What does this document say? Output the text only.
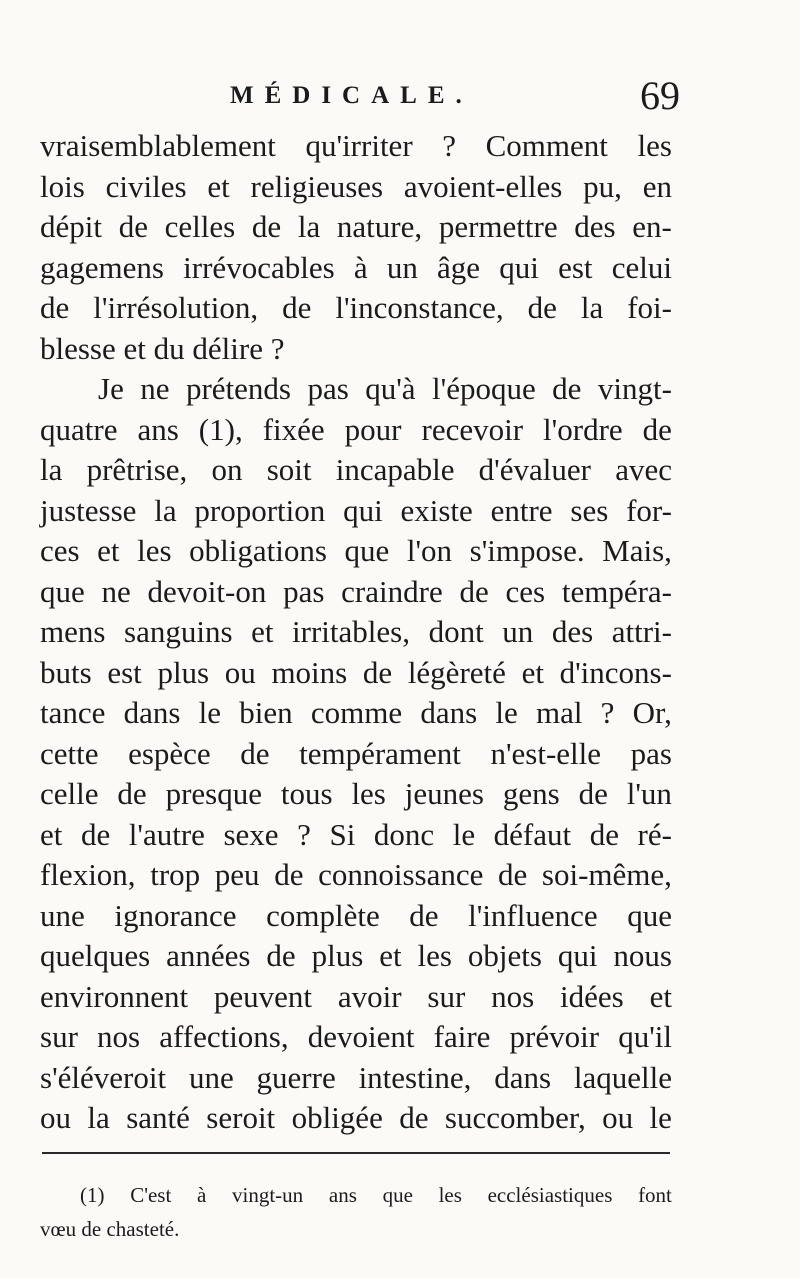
MÉDICALE.	69
vraisemblablement qu'irriter ? Comment les
lois civiles et religieuses avoient-elles pu, en
dépit de celles de la nature, permettre des en-
gagemens irrévocables à un âge qui est celui
de l'irrésolution, de l'inconstance, de la foi-
blesse et du délire ?
Je ne prétends pas qu'à l'époque de vingt-
quatre ans (1), fixée pour recevoir l'ordre de
la prêtrise, on soit incapable d'évaluer avec
justesse la proportion qui existe entre ses for-
ces et les obligations que l'on s'impose. Mais,
que ne devoit-on pas craindre de ces tempéra-
mens sanguins et irritables, dont un des attri-
buts est plus ou moins de légèreté et d'incons-
tance dans le bien comme dans le mal ? Or,
cette espèce de tempérament n'est-elle pas
celle de presque tous les jeunes gens de l'un
et de l'autre sexe ? Si donc le défaut de ré-
flexion, trop peu de connoissance de soi-même,
une ignorance complète de l'influence que
quelques années de plus et les objets qui nous
environnent peuvent avoir sur nos idées et
sur nos affections, devoient faire prévoir qu'il
s'éléveroit une guerre intestine, dans laquelle
ou la santé seroit obligée de succomber, ou le
(1) C'est à vingt-un ans que les ecclésiastiques font
vœu de chasteté.
